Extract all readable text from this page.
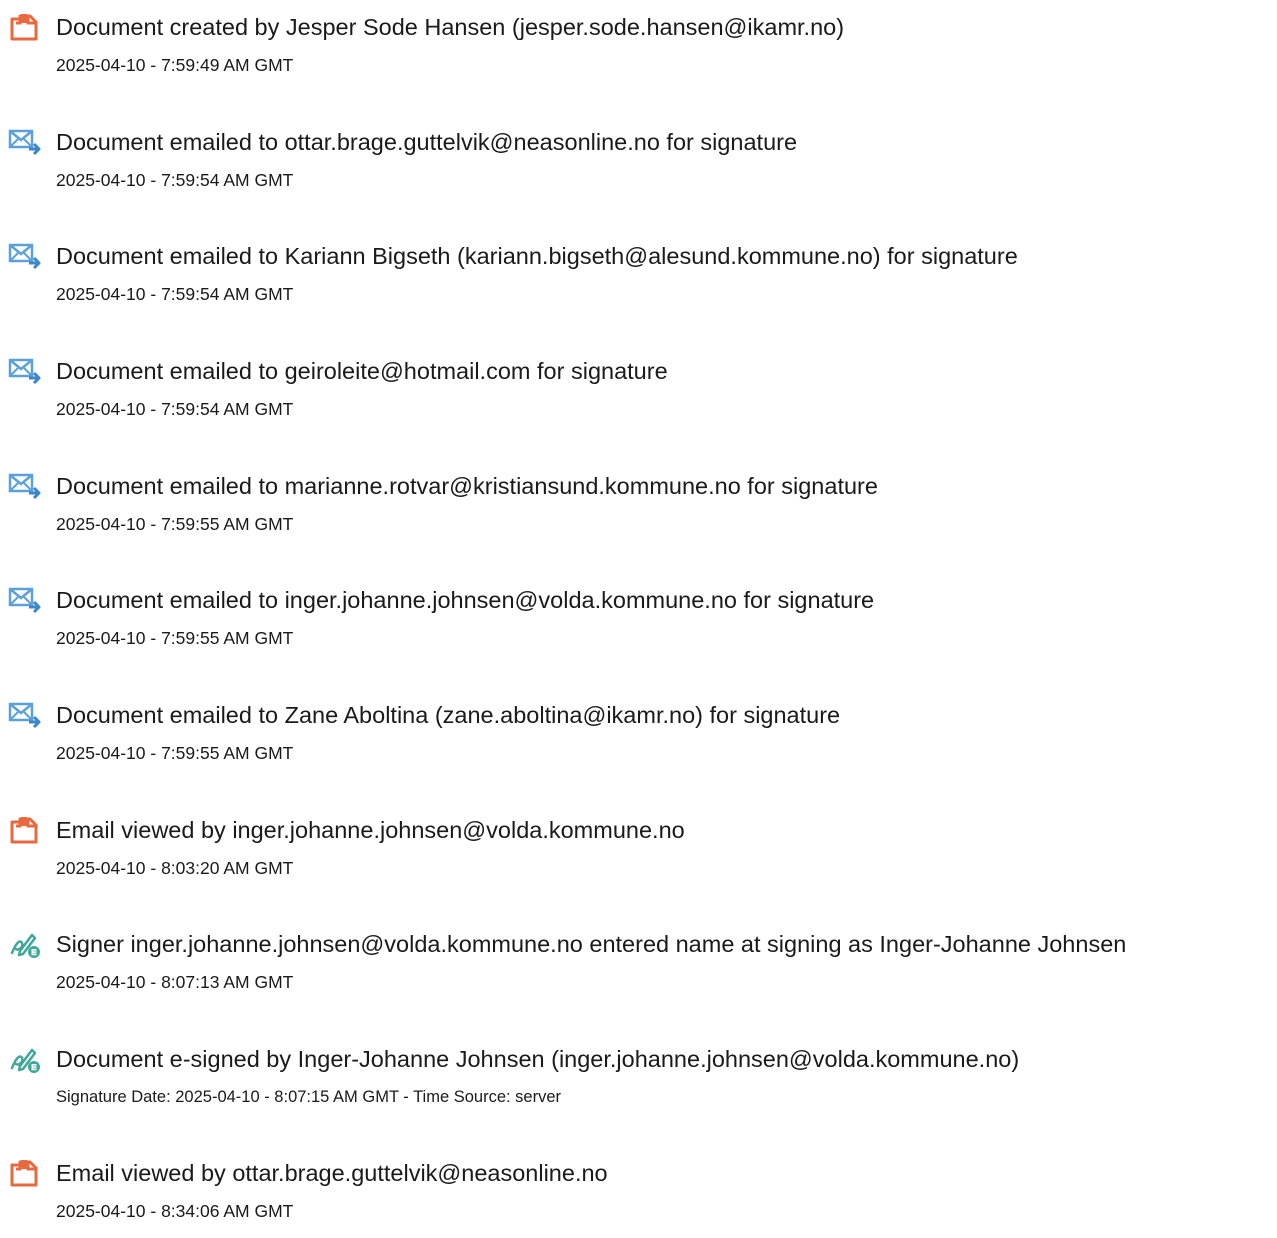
Document created by Jesper Sode Hansen (jesper.sode.hansen@ikamr.no)
2025-04-10 - 7:59:49 AM GMT
Document emailed to ottar.brage.guttelvik@neasonline.no for signature
2025-04-10 - 7:59:54 AM GMT
Document emailed to Kariann Bigseth (kariann.bigseth@alesund.kommune.no) for signature
2025-04-10 - 7:59:54 AM GMT
Document emailed to geiroleite@hotmail.com for signature
2025-04-10 - 7:59:54 AM GMT
Document emailed to marianne.rotvar@kristiansund.kommune.no for signature
2025-04-10 - 7:59:55 AM GMT
Document emailed to inger.johanne.johnsen@volda.kommune.no for signature
2025-04-10 - 7:59:55 AM GMT
Document emailed to Zane Aboltina (zane.aboltina@ikamr.no) for signature
2025-04-10 - 7:59:55 AM GMT
Email viewed by inger.johanne.johnsen@volda.kommune.no
2025-04-10 - 8:03:20 AM GMT
Signer inger.johanne.johnsen@volda.kommune.no entered name at signing as Inger-Johanne Johnsen
2025-04-10 - 8:07:13 AM GMT
Document e-signed by Inger-Johanne Johnsen (inger.johanne.johnsen@volda.kommune.no)
Signature Date: 2025-04-10 - 8:07:15 AM GMT - Time Source: server
Email viewed by ottar.brage.guttelvik@neasonline.no
2025-04-10 - 8:34:06 AM GMT
